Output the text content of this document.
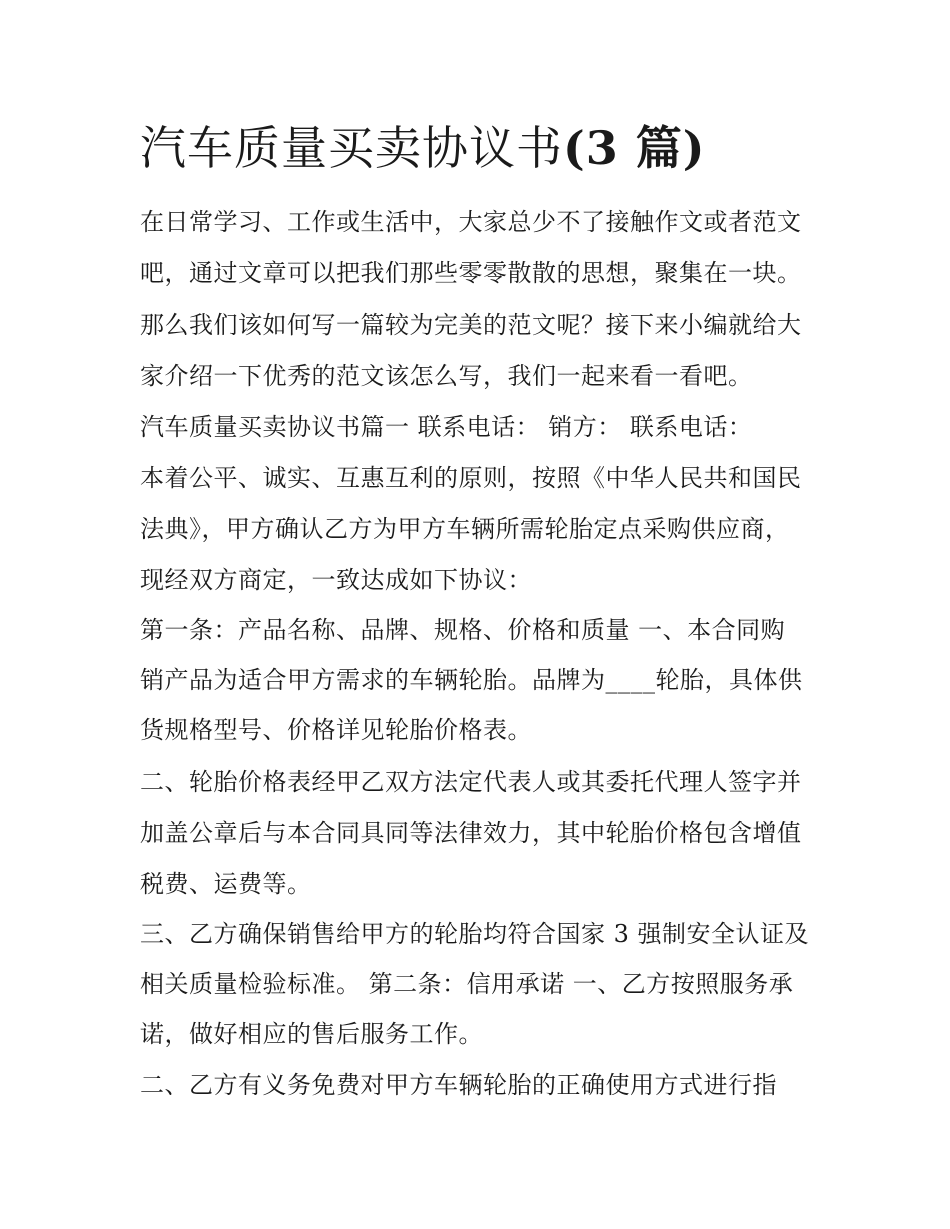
汽车质量买卖协议书(3 篇)

在日常学习、工作或生活中，大家总少不了接触作文或者范文

吧，通过文章可以把我们那些零零散散的思想，聚集在一块。

那么我们该如何写一篇较为完美的范文呢？接下来小编就给大

家介绍一下优秀的范文该怎么写，我们一起来看一看吧。

汽车质量买卖协议书篇一 联系电话： 销方： 联系电话：

本着公平、诚实、互惠互利的原则，按照《中华人民共和国民

法典》，甲方确认乙方为甲方车辆所需轮胎定点采购供应商，

现经双方商定，一致达成如下协议：

第一条：产品名称、品牌、规格、价格和质量 一、本合同购

销产品为适合甲方需求的车辆轮胎。品牌为____轮胎，具体供

货规格型号、价格详见轮胎价格表。

二、轮胎价格表经甲乙双方法定代表人或其委托代理人签字并

加盖公章后与本合同具同等法律效力，其中轮胎价格包含增值

税费、运费等。

三、乙方确保销售给甲方的轮胎均符合国家 3 强制安全认证及

相关质量检验标准。 第二条：信用承诺 一、乙方按照服务承

诺，做好相应的售后服务工作。

二、乙方有义务免费对甲方车辆轮胎的正确使用方式进行指
